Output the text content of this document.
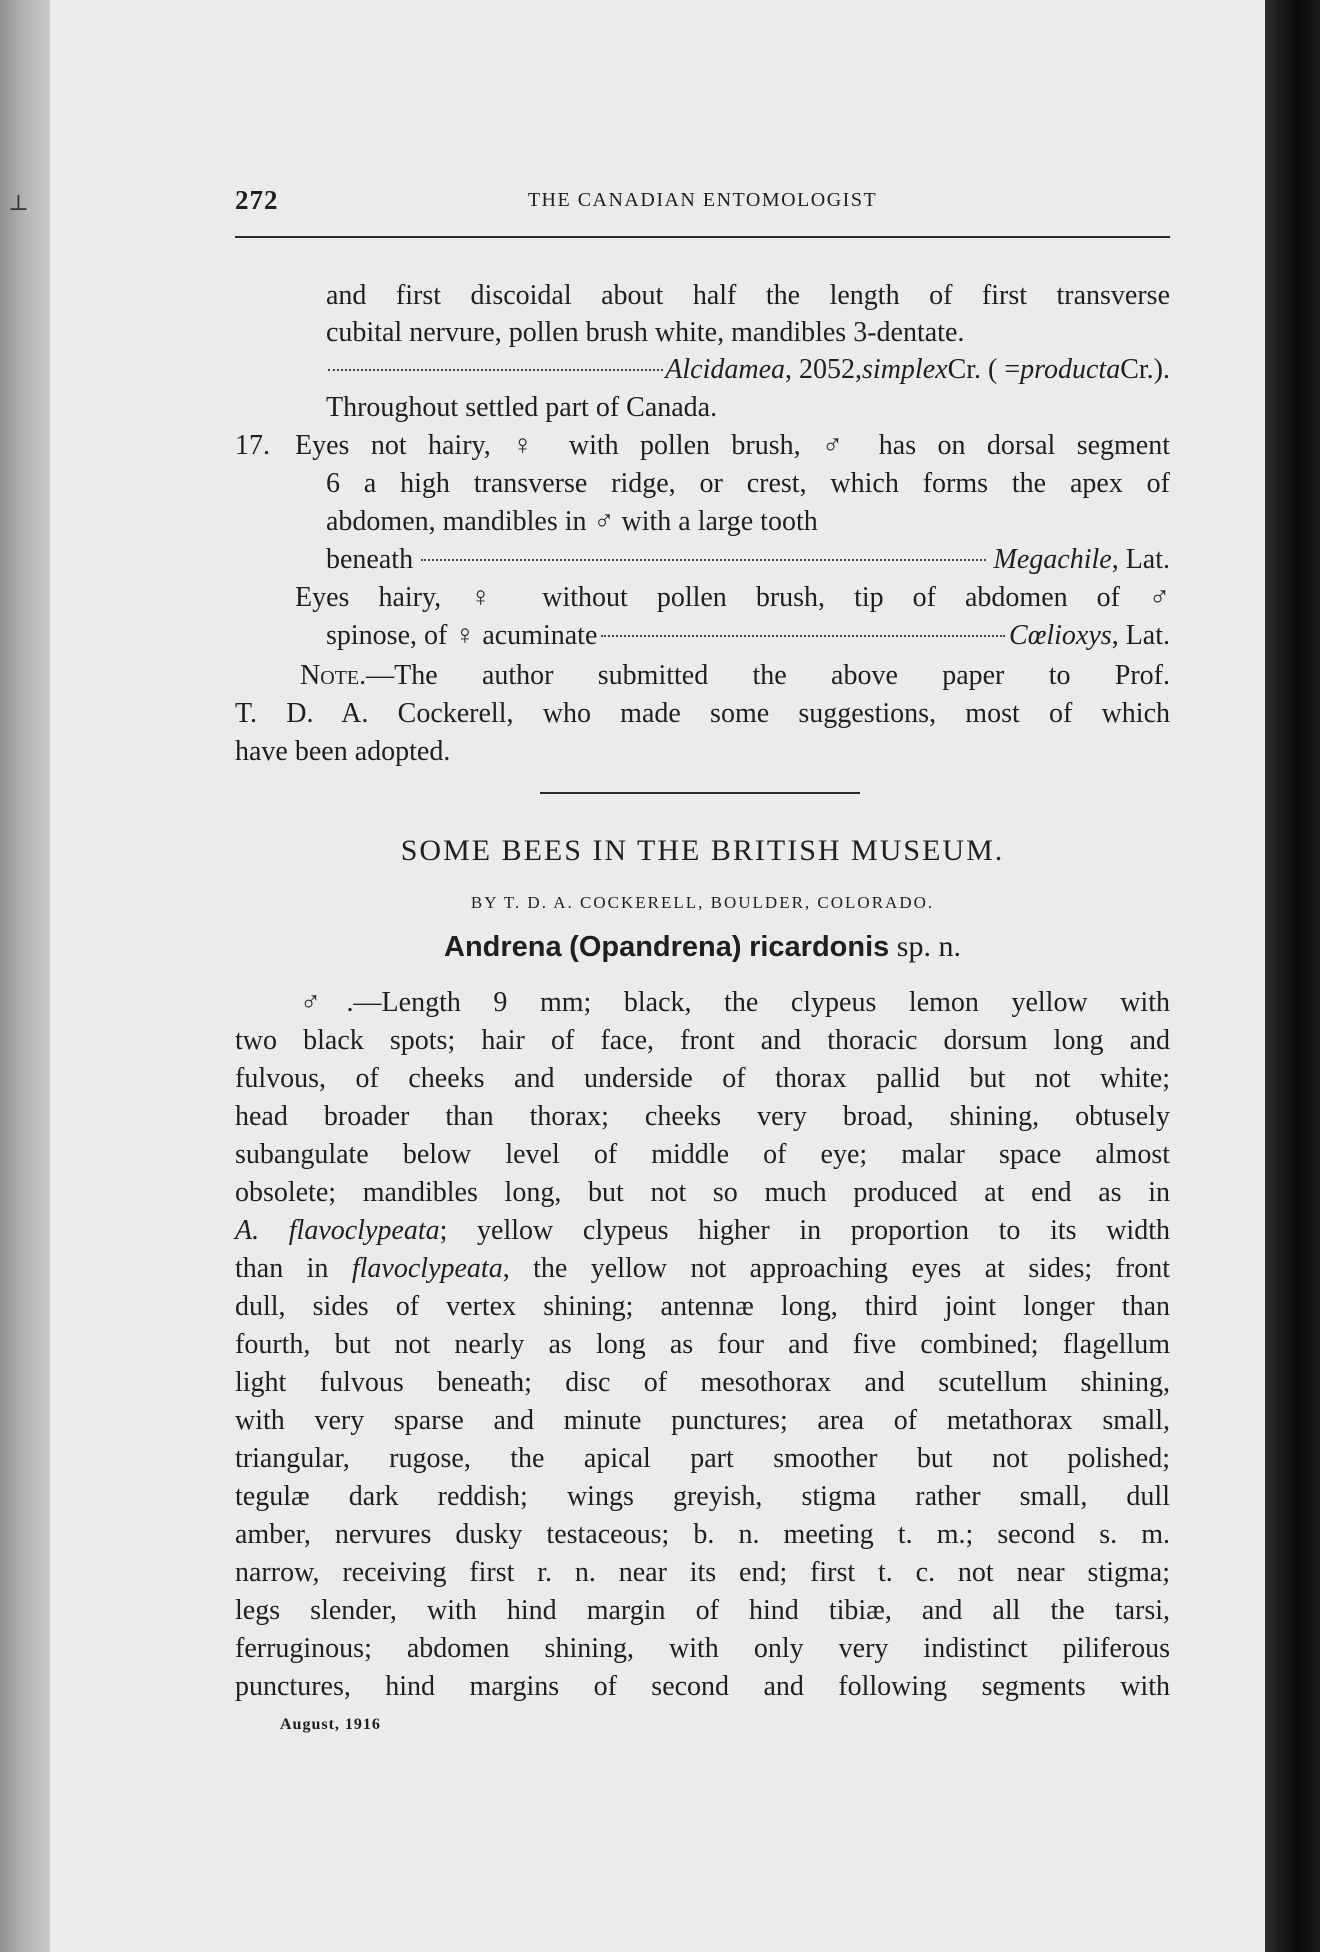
⊥	272	THE CANADIAN ENTOMOLOGIST
and first discoidal about half the length of first transverse
cubital nervure, pollen brush white, mandibles 3-dentate.
Alcidamea , 2052, simplex Cr. ( = producta Cr.).
Throughout settled part of Canada.
17. Eyes not hairy, ♀ with pollen brush, ♂ has on dorsal segment
6 a high transverse ridge, or crest, which forms the apex of
abdomen, mandibles in ♂ with a large tooth
beneath	Megachile , Lat.
Eyes hairy, ♀ without pollen brush, tip of abdomen of ♂
spinose, of ♀ acuminate	Cœlioxys , Lat.
Note.—The author submitted the above paper to Prof.
T. D. A. Cockerell, who made some suggestions, most of which
have been adopted.
SOME BEES IN THE BRITISH MUSEUM.
BY T. D. A. COCKERELL, BOULDER, COLORADO.
Andrena (Opandrena) ricardonis sp. n.
♂.—Length 9 mm; black, the clypeus lemon yellow with
two black spots; hair of face, front and thoracic dorsum long and
fulvous, of cheeks and underside of thorax pallid but not white;
head broader than thorax; cheeks very broad, shining, obtusely
subangulate below level of middle of eye; malar space almost
obsolete; mandibles long, but not so much produced at end as in
A. flavoclypeata; yellow clypeus higher in proportion to its width
than in flavoclypeata, the yellow not approaching eyes at sides; front
dull, sides of vertex shining; antennæ long, third joint longer than
fourth, but not nearly as long as four and five combined; flagellum
light fulvous beneath; disc of mesothorax and scutellum shining,
with very sparse and minute punctures; area of metathorax small,
triangular, rugose, the apical part smoother but not polished;
tegulæ dark reddish; wings greyish, stigma rather small, dull
amber, nervures dusky testaceous; b. n. meeting t. m.; second s. m.
narrow, receiving first r. n. near its end; first t. c. not near stigma;
legs slender, with hind margin of hind tibiæ, and all the tarsi,
ferruginous; abdomen shining, with only very indistinct piliferous
punctures, hind margins of second and following segments with
August, 1916
